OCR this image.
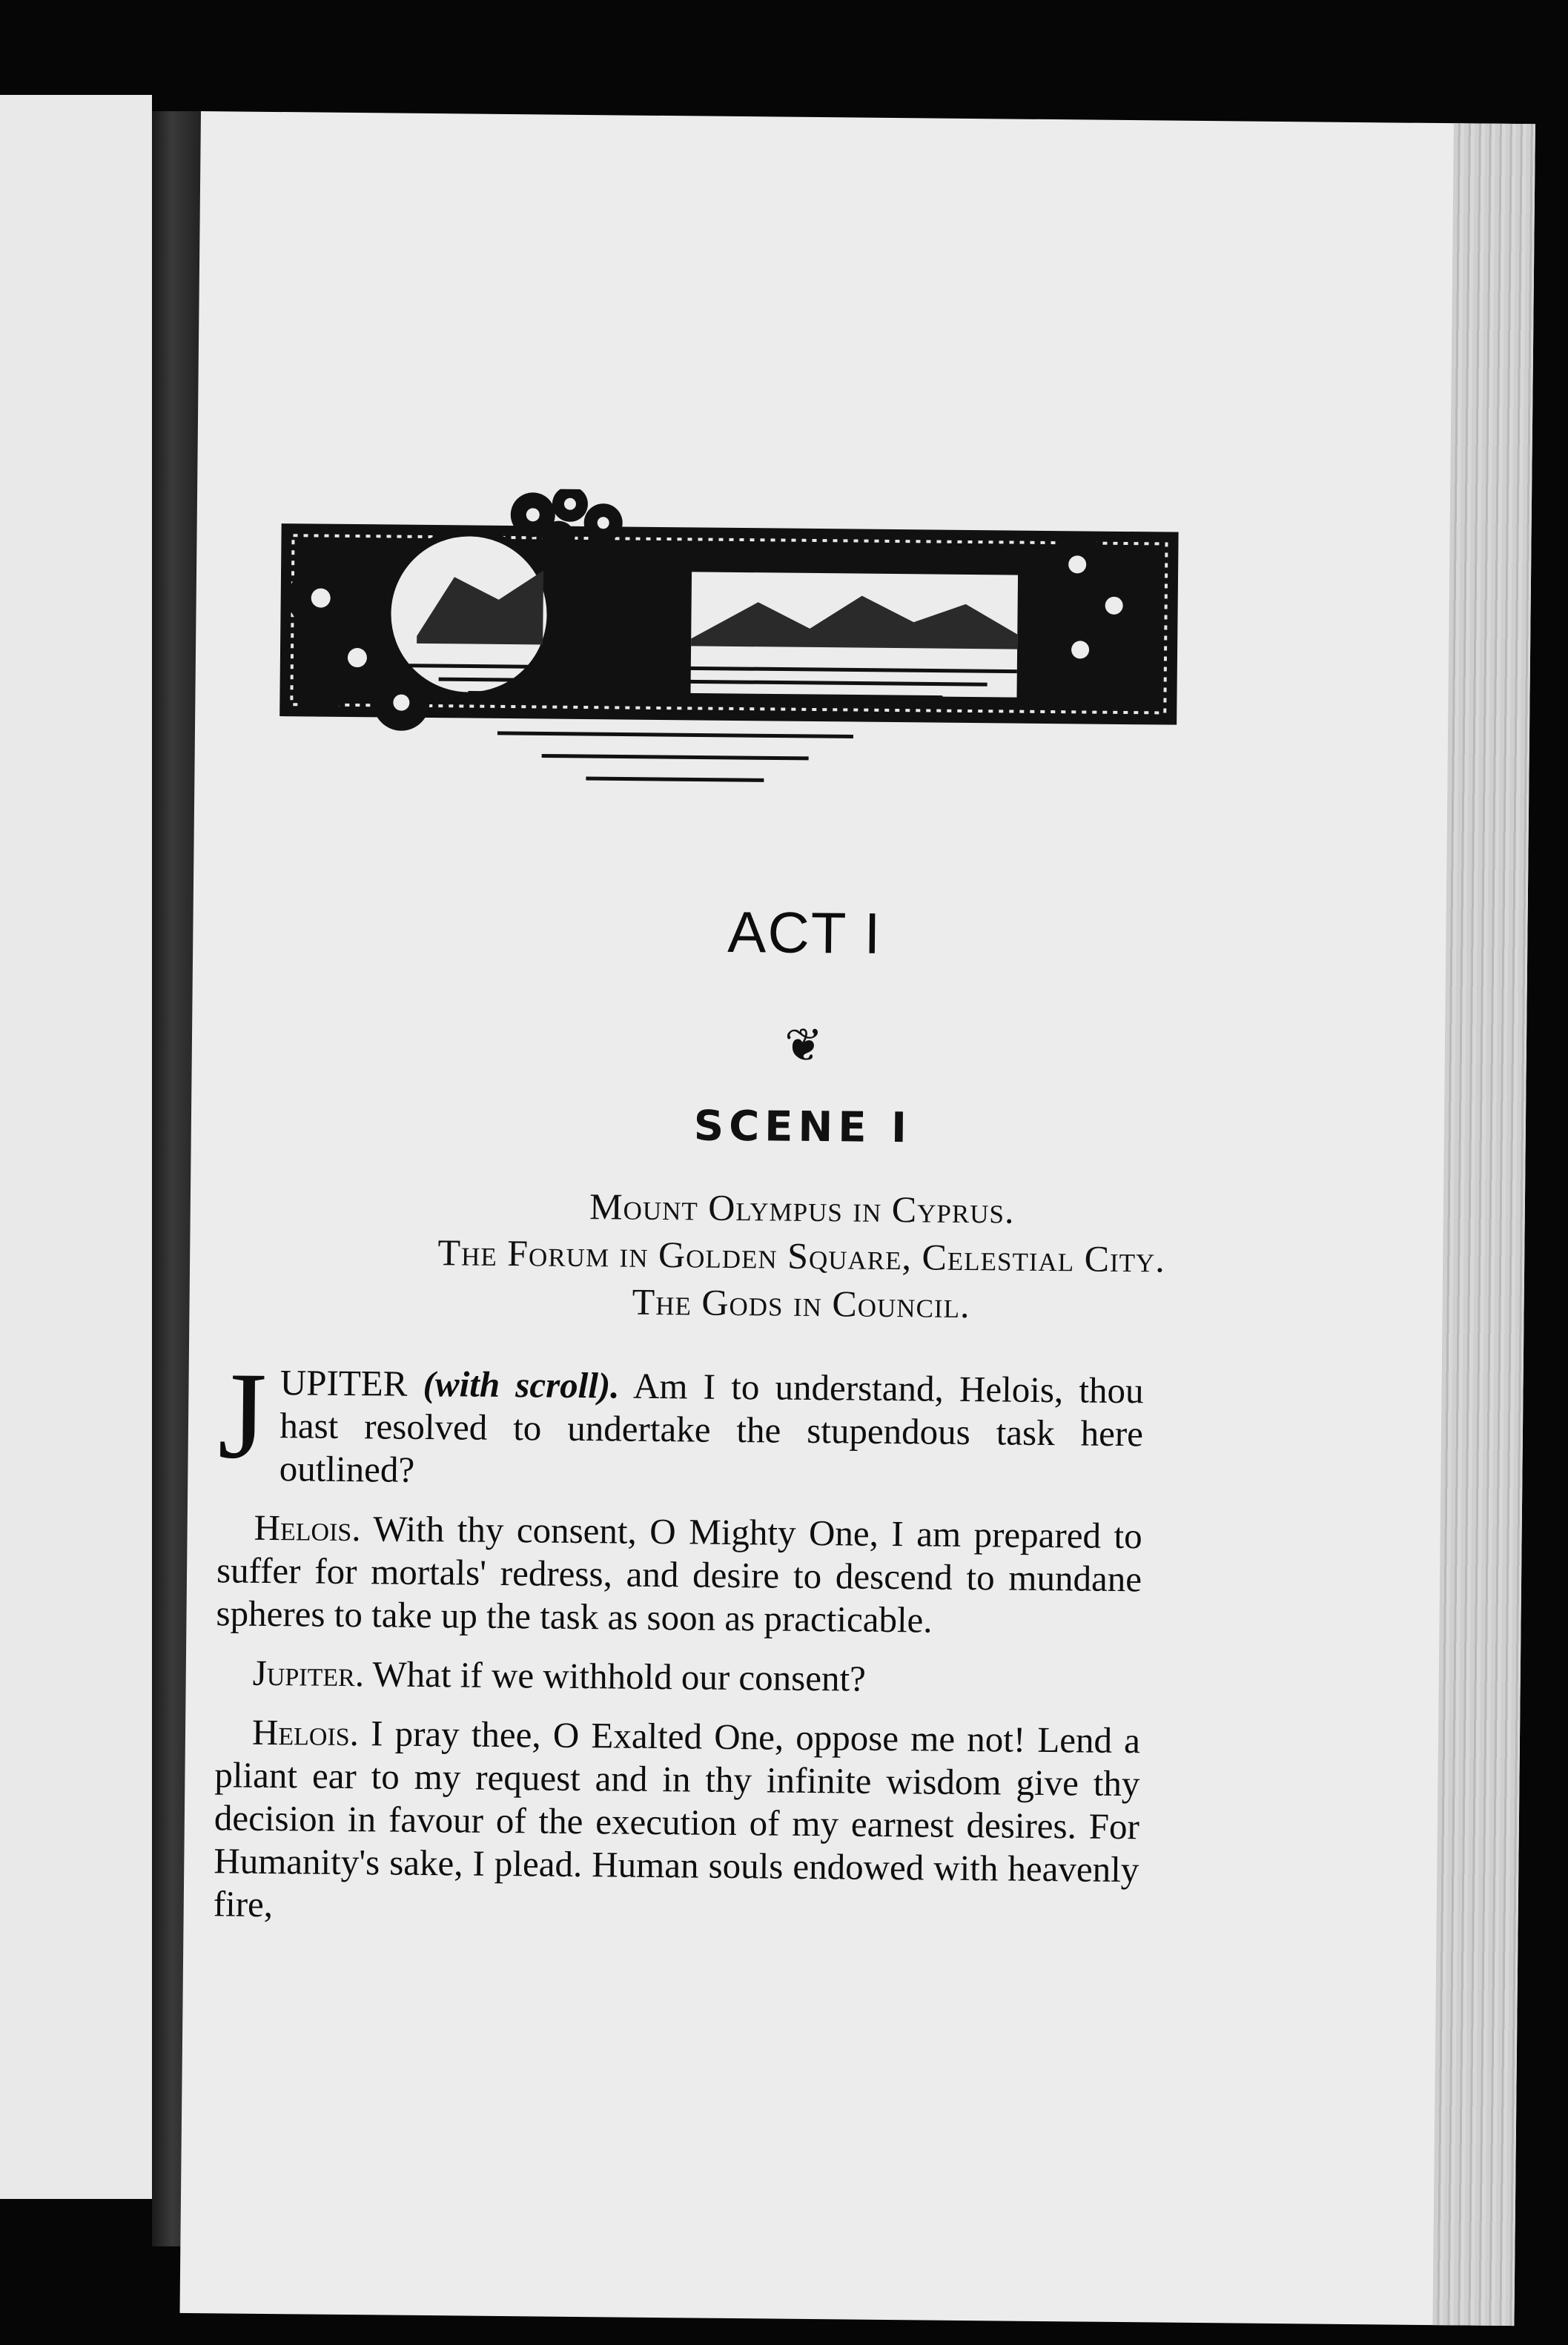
ACT I
❦
SCENE I
Mount Olympus in Cyprus.
The Forum in Golden Square, Celestial City.
The Gods in Council.

JUPITER (with scroll). Am I to understand, Helois, thou hast resolved to undertake the stupendous task here outlined?

Helois. With thy consent, O Mighty One, I am prepared to suffer for mortals' redress, and desire to descend to mundane spheres to take up the task as soon as practicable.

Jupiter. What if we withhold our consent?

Helois. I pray thee, O Exalted One, oppose me not! Lend a pliant ear to my request and in thy infinite wisdom give thy decision in favour of the execution of my earnest desires. For Humanity's sake, I plead. Human souls endowed with heavenly fire,
